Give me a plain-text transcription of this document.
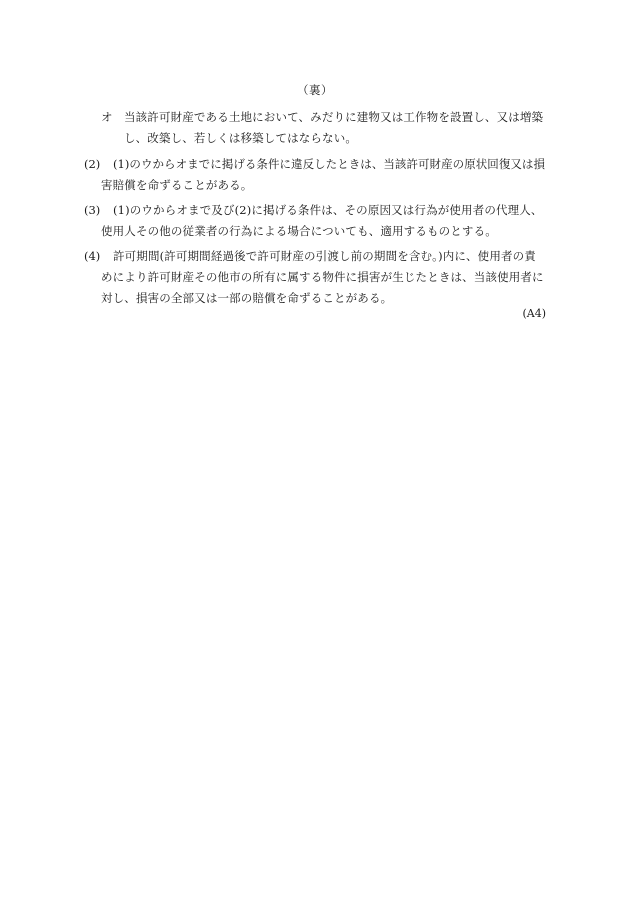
（裏）
オ 当該許可財産である土地において、みだりに建物又は工作物を設置し、又は増築
し、改築し、若しくは移築してはならない。
(2) (1)のウからオまでに掲げる条件に違反したときは、当該許可財産の原状回復又は損
害賠償を命ずることがある。
(3) (1)のウからオまで及び(2)に掲げる条件は、その原因又は行為が使用者の代理人、
使用人その他の従業者の行為による場合についても、適用するものとする。
(4) 許可期間(許可期間経過後で許可財産の引渡し前の期間を含む。)内に、使用者の責
めにより許可財産その他市の所有に属する物件に損害が生じたときは、当該使用者に
対し、損害の全部又は一部の賠償を命ずることがある。
(A4)
